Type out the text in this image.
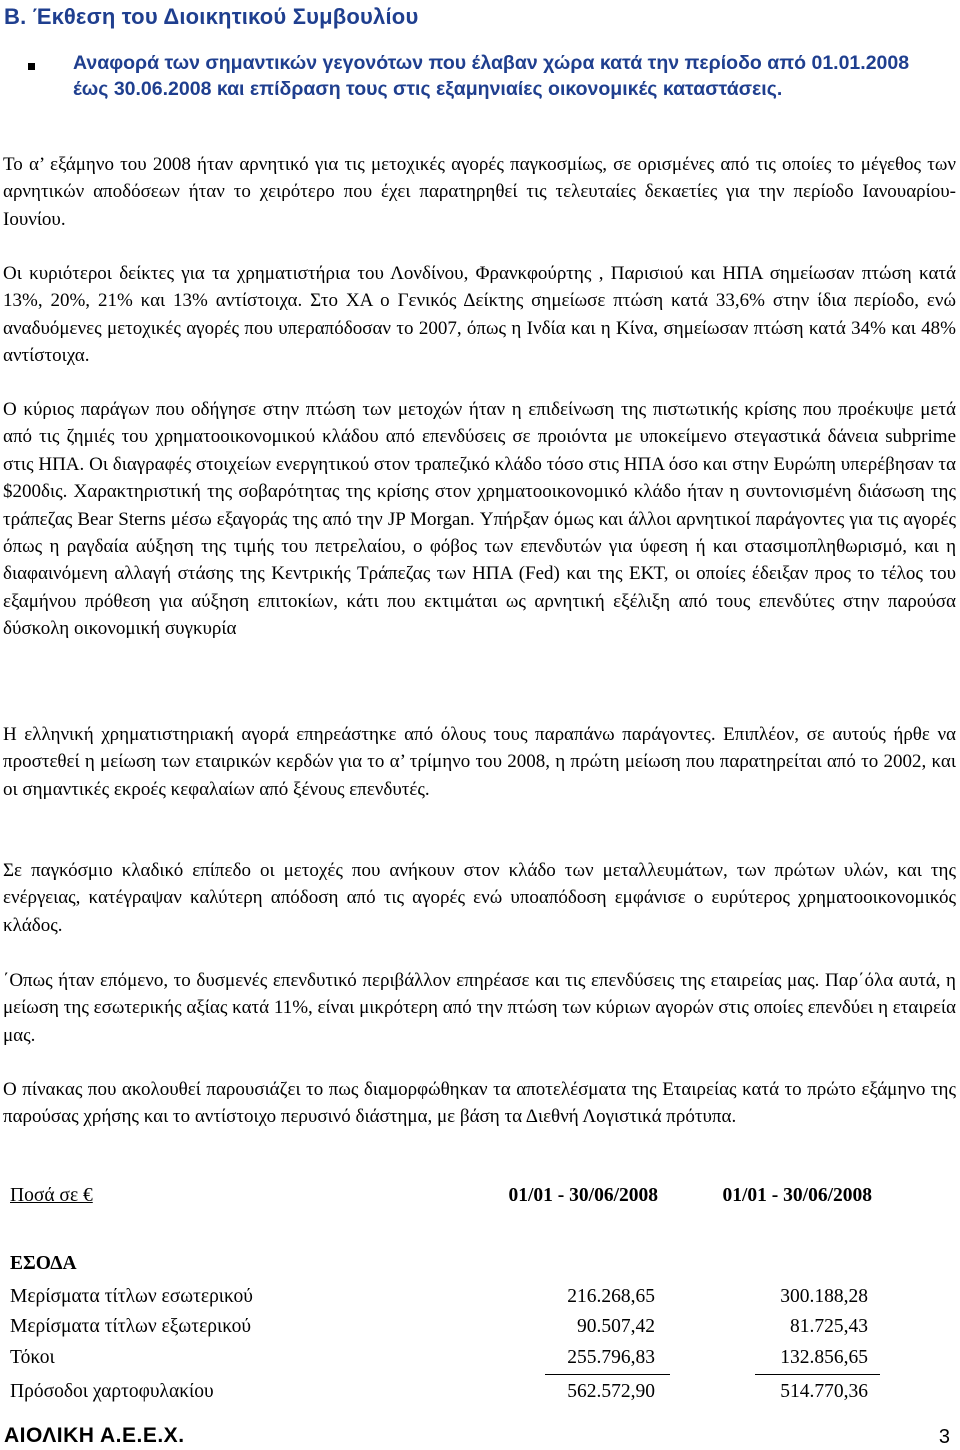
Β. Έκθεση του Διοικητικού Συμβουλίου

Αναφορά των σημαντικών γεγονότων που έλαβαν χώρα κατά την περίοδο από 01.01.2008 έως 30.06.2008 και επίδραση τους στις εξαμηνιαίες οικονομικές καταστάσεις.

Το α’ εξάμηνο του 2008 ήταν αρνητικό για τις μετοχικές αγορές παγκοσμίως, σε ορισμένες από τις οποίες το μέγεθος των αρνητικών αποδόσεων ήταν το χειρότερο που έχει παρατηρηθεί τις τελευταίες δεκαετίες για την περίοδο Ιανουαρίου-Ιουνίου.

Οι κυριότεροι δείκτες για τα χρηματιστήρια του Λονδίνου, Φρανκφούρτης , Παρισιού και ΗΠΑ σημείωσαν πτώση κατά 13%, 20%, 21% και 13% αντίστοιχα. Στο ΧΑ ο Γενικός Δείκτης σημείωσε πτώση κατά 33,6% στην ίδια περίοδο, ενώ αναδυόμενες μετοχικές αγορές που υπεραπόδοσαν το 2007, όπως η Ινδία και η Κίνα, σημείωσαν πτώση κατά 34% και 48% αντίστοιχα.

Ο κύριος παράγων που οδήγησε στην πτώση των μετοχών ήταν η επιδείνωση της πιστωτικής κρίσης που προέκυψε μετά από τις ζημιές του χρηματοοικονομικού κλάδου από επενδύσεις σε προιόντα με υποκείμενο στεγαστικά δάνεια subprime στις ΗΠΑ. Οι διαγραφές στοιχείων ενεργητικού στον τραπεζικό κλάδο τόσο στις ΗΠΑ όσο και στην Ευρώπη υπερέβησαν τα $200δις. Χαρακτηριστική της σοβαρότητας της κρίσης στον χρηματοοικονομικό κλάδο ήταν η συντονισμένη διάσωση της τράπεζας Bear Sterns μέσω εξαγοράς της από την JP Morgan. Υπήρξαν όμως και άλλοι αρνητικοί παράγοντες για τις αγορές όπως η ραγδαία αύξηση της τιμής του πετρελαίου, ο φόβος των επενδυτών για ύφεση ή και στασιμοπληθωρισμό, και η διαφαινόμενη αλλαγή στάσης της Κεντρικής Τράπεζας των ΗΠΑ (Fed) και της ΕΚΤ, οι οποίες έδειξαν προς το τέλος του εξαμήνου πρόθεση για αύξηση επιτοκίων, κάτι που εκτιμάται ως αρνητική εξέλιξη από τους επενδύτες στην παρούσα δύσκολη οικονομική συγκυρία

Η ελληνική χρηματιστηριακή αγορά επηρεάστηκε από όλους τους παραπάνω παράγοντες. Επιπλέον, σε αυτούς ήρθε να προστεθεί η μείωση των εταιρικών κερδών για το α’ τρίμηνο του 2008, η πρώτη μείωση που παρατηρείται από το 2002, και οι σημαντικές εκροές κεφαλαίων από ξένους επενδυτές.

Σε παγκόσμιο κλαδικό επίπεδο οι μετοχές που ανήκουν στον κλάδο των μεταλλευμάτων, των πρώτων υλών, και της ενέργειας, κατέγραψαν καλύτερη απόδοση από τις αγορές ενώ υποαπόδοση εμφάνισε ο ευρύτερος χρηματοοικονομικός κλάδος.

΄Οπως ήταν επόμενο, το δυσμενές επενδυτικό περιβάλλον επηρέασε και τις επενδύσεις της εταιρείας μας. Παρ΄όλα αυτά, η μείωση της εσωτερικής αξίας κατά 11%, είναι μικρότερη από την πτώση των κύριων αγορών στις οποίες επενδύει η εταιρεία μας.

Ο πίνακας που ακολουθεί παρουσιάζει το πως διαμορφώθηκαν τα αποτελέσματα της Εταιρείας κατά το πρώτο εξάμηνο της παρούσας χρήσης και το αντίστοιχο περυσινό διάστημα, με βάση τα Διεθνή Λογιστικά πρότυπα.

Ποσά σε €	01/01 - 30/06/2008	01/01 - 30/06/2008
ΕΣΟΔΑ
Μερίσματα τίτλων εσωτερικού	216.268,65	300.188,28
Μερίσματα τίτλων εξωτερικού	90.507,42	81.725,43
Τόκοι	255.796,83	132.856,65
Πρόσοδοι χαρτοφυλακίου	562.572,90	514.770,36
ΑΙΟΛΙΚΗ Α.Ε.Ε.Χ.	3
